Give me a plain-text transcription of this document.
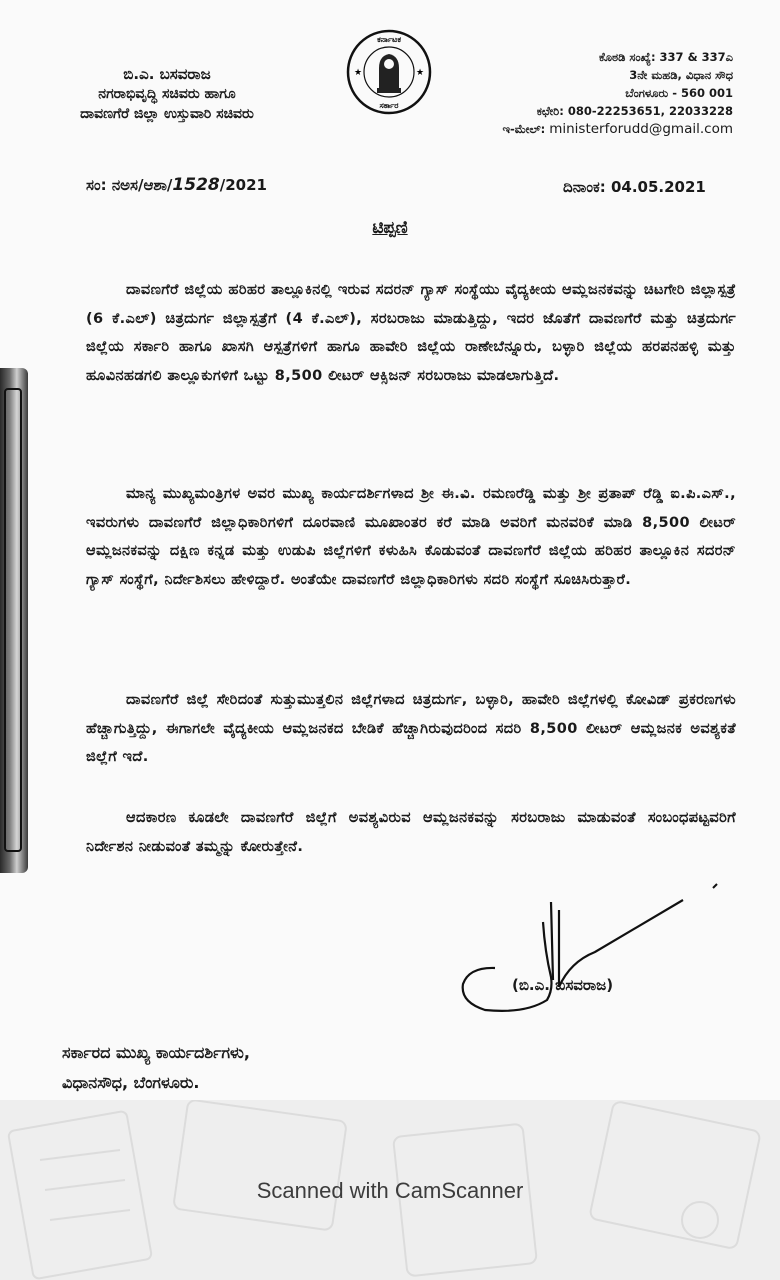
ಬಿ.ಎ. ಬಸವರಾಜ
ನಗರಾಭಿವೃದ್ಧಿ ಸಚಿವರು ಹಾಗೂ
ದಾವಣಗೆರೆ ಜಿಲ್ಲಾ ಉಸ್ತುವಾರಿ ಸಚಿವರು
ಕರ್ನಾಟಕ
ಸರ್ಕಾರ
★	★
ಕೊಠಡಿ ಸಂಖ್ಯೆ: 337 & 337ಎ
3ನೇ ಮಹಡಿ, ವಿಧಾನ ಸೌಧ
ಬೆಂಗಳೂರು - 560 001
ಕಛೇರಿ: 080-22253651, 22033228
ಇ-ಮೇಲ್: ministerforudd@gmail.com
ಸಂ: ನಅಸ/ಆಶಾ/1528/2021	ದಿನಾಂಕ: 04.05.2021
ಟಿಪ್ಪಣಿ
ದಾವಣಗೆರೆ ಜಿಲ್ಲೆಯ ಹರಿಹರ ತಾಲ್ಲೂಕಿನಲ್ಲಿ ಇರುವ ಸದರನ್ ಗ್ಯಾಸ್ ಸಂಸ್ಥೆಯು ವೈದ್ಯಕೀಯ ಆಮ್ಲಜನಕವನ್ನು ಚಿಟಗೇರಿ ಜಿಲ್ಲಾಸ್ಪತ್ರೆ (6 ಕೆ.ಎಲ್) ಚಿತ್ರದುರ್ಗ ಜಿಲ್ಲಾಸ್ಪತ್ರೆಗೆ (4 ಕೆ.ಎಲ್), ಸರಬರಾಜು ಮಾಡುತ್ತಿದ್ದು, ಇದರ ಜೊತೆಗೆ ದಾವಣಗೆರೆ ಮತ್ತು ಚಿತ್ರದುರ್ಗ ಜಿಲ್ಲೆಯ ಸರ್ಕಾರಿ ಹಾಗೂ ಖಾಸಗಿ ಆಸ್ಪತ್ರೆಗಳಿಗೆ ಹಾಗೂ ಹಾವೇರಿ ಜಿಲ್ಲೆಯ ರಾಣೇಬೆನ್ನೂರು, ಬಳ್ಳಾರಿ ಜಿಲ್ಲೆಯ ಹರಪನಹಳ್ಳಿ ಮತ್ತು ಹೂವಿನಹಡಗಲಿ ತಾಲ್ಲೂಕುಗಳಿಗೆ ಒಟ್ಟು 8,500 ಲೀಟರ್ ಆಕ್ಸಿಜನ್ ಸರಬರಾಜು ಮಾಡಲಾಗುತ್ತಿದೆ.
ಮಾನ್ಯ ಮುಖ್ಯಮಂತ್ರಿಗಳ ಅವರ ಮುಖ್ಯ ಕಾರ್ಯದರ್ಶಿಗಳಾದ ಶ್ರೀ ಈ.ವಿ. ರಮಣರೆಡ್ಡಿ ಮತ್ತು ಶ್ರೀ ಪ್ರತಾಪ್ ರೆಡ್ಡಿ ಐ.ಪಿ.ಎಸ್., ಇವರುಗಳು ದಾವಣಗೆರೆ ಜಿಲ್ಲಾಧಿಕಾರಿಗಳಿಗೆ ದೂರವಾಣಿ ಮೂಖಾಂತರ ಕರೆ ಮಾಡಿ ಅವರಿಗೆ ಮನವರಿಕೆ ಮಾಡಿ 8,500 ಲೀಟರ್ ಆಮ್ಲಜನಕವನ್ನು ದಕ್ಷಿಣ ಕನ್ನಡ ಮತ್ತು ಉಡುಪಿ ಜಿಲ್ಲೆಗಳಿಗೆ ಕಳುಹಿಸಿ ಕೊಡುವಂತೆ ದಾವಣಗೆರೆ ಜಿಲ್ಲೆಯ ಹರಿಹರ ತಾಲ್ಲೂಕಿನ ಸದರನ್ ಗ್ಯಾಸ್ ಸಂಸ್ಥೆಗೆ, ನಿರ್ದೇಶಿಸಲು ಹೇಳಿದ್ದಾರೆ. ಅಂತೆಯೇ ದಾವಣಗೆರೆ ಜಿಲ್ಲಾಧಿಕಾರಿಗಳು ಸದರಿ ಸಂಸ್ಥೆಗೆ ಸೂಚಿಸಿರುತ್ತಾರೆ.
ದಾವಣಗೆರೆ ಜಿಲ್ಲೆ ಸೇರಿದಂತೆ ಸುತ್ತುಮುತ್ತಲಿನ ಜಿಲ್ಲೆಗಳಾದ ಚಿತ್ರದುರ್ಗ, ಬಳ್ಳಾರಿ, ಹಾವೇರಿ ಜಿಲ್ಲೆಗಳಲ್ಲಿ ಕೋವಿಡ್ ಪ್ರಕರಣಗಳು ಹೆಚ್ಚಾಗುತ್ತಿದ್ದು, ಈಗಾಗಲೇ ವೈದ್ಯಕೀಯ ಆಮ್ಲಜನಕದ ಬೇಡಿಕೆ ಹೆಚ್ಚಾಗಿರುವುದರಿಂದ ಸದರಿ 8,500 ಲೀಟರ್ ಆಮ್ಲಜನಕ ಅವಶ್ಯಕತೆ ಜಿಲ್ಲೆಗೆ ಇದೆ.
ಆದಕಾರಣ ಕೂಡಲೇ ದಾವಣಗೆರೆ ಜಿಲ್ಲೆಗೆ ಅವಶ್ಯವಿರುವ ಆಮ್ಲಜನಕವನ್ನು ಸರಬರಾಜು ಮಾಡುವಂತೆ ಸಂಬಂಧಪಟ್ಟವರಿಗೆ ನಿರ್ದೇಶನ ನೀಡುವಂತೆ ತಮ್ಮನ್ನು ಕೋರುತ್ತೇನೆ.
(ಬಿ.ಎ. ಬಸವರಾಜ)
ಸರ್ಕಾರದ ಮುಖ್ಯ ಕಾರ್ಯದರ್ಶಿಗಳು,
ವಿಧಾನಸೌಧ, ಬೆಂಗಳೂರು.
Scanned with CamScanner
